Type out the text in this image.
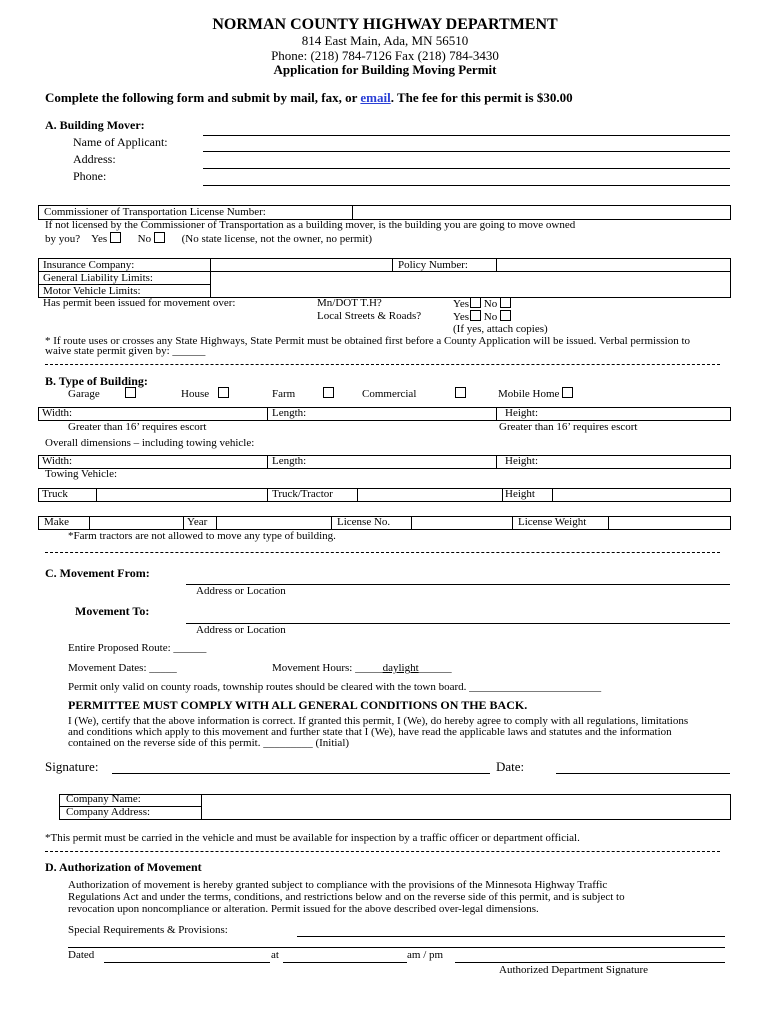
NORMAN COUNTY HIGHWAY DEPARTMENT
814 East Main, Ada, MN 56510
Phone: (218) 784-7126 Fax (218) 784-3430
Application for Building Moving Permit
Complete the following form and submit by mail, fax, or email. The fee for this permit is $30.00
A. Building Mover:
Name of Applicant:
Address:
Phone:
Commissioner of Transportation License Number:
If not licensed by the Commissioner of Transportation as a building mover, is the building you are going to move owned
by you? Yes	No	(No state license, not the owner, no permit)
Insurance Company:	Policy Number:
General Liability Limits:
Motor Vehicle Limits:
Has permit been issued for movement over:	Mn/DOT T.H?	Yes No
Local Streets & Roads?	Yes No
(If yes, attach copies)
* If route uses or crosses any State Highways, State Permit must be obtained first before a County Application will be issued. Verbal permission to
waive state permit given by: ______
B. Type of Building:
Garage	House	Farm	Commercial	Mobile Home
Width:	Length:	Height:
Greater than 16’ requires escort	Greater than 16’ requires escort
Overall dimensions – including towing vehicle:
Width:	Length:	Height:
Towing Vehicle:
Truck	Truck/Tractor	Height
Make	Year	License No.	License Weight
*Farm tractors are not allowed to move any type of building.
C. Movement From:
Address or Location
Movement To:
Address or Location
Entire Proposed Route: ______
Movement Dates: _____	Movement Hours: _____daylight______
Permit only valid on county roads, township routes should be cleared with the town board. ________________________
PERMITTEE MUST COMPLY WITH ALL GENERAL CONDITIONS ON THE BACK.
I (We), certify that the above information is correct. If granted this permit, I (We), do hereby agree to comply with all regulations, limitations
and conditions which apply to this movement and further state that I (We), have read the applicable laws and statutes and the information
contained on the reverse side of this permit. _________ (Initial)
Signature:	Date:
Company Name:
Company Address:
*This permit must be carried in the vehicle and must be available for inspection by a traffic officer or department official.
D. Authorization of Movement
Authorization of movement is hereby granted subject to compliance with the provisions of the Minnesota Highway Traffic
Regulations Act and under the terms, conditions, and restrictions below and on the reverse side of this permit, and is subject to
revocation upon noncompliance or alteration. Permit issued for the above described over-legal dimensions.
Special Requirements & Provisions:
Dated	at	am / pm
Authorized Department Signature
